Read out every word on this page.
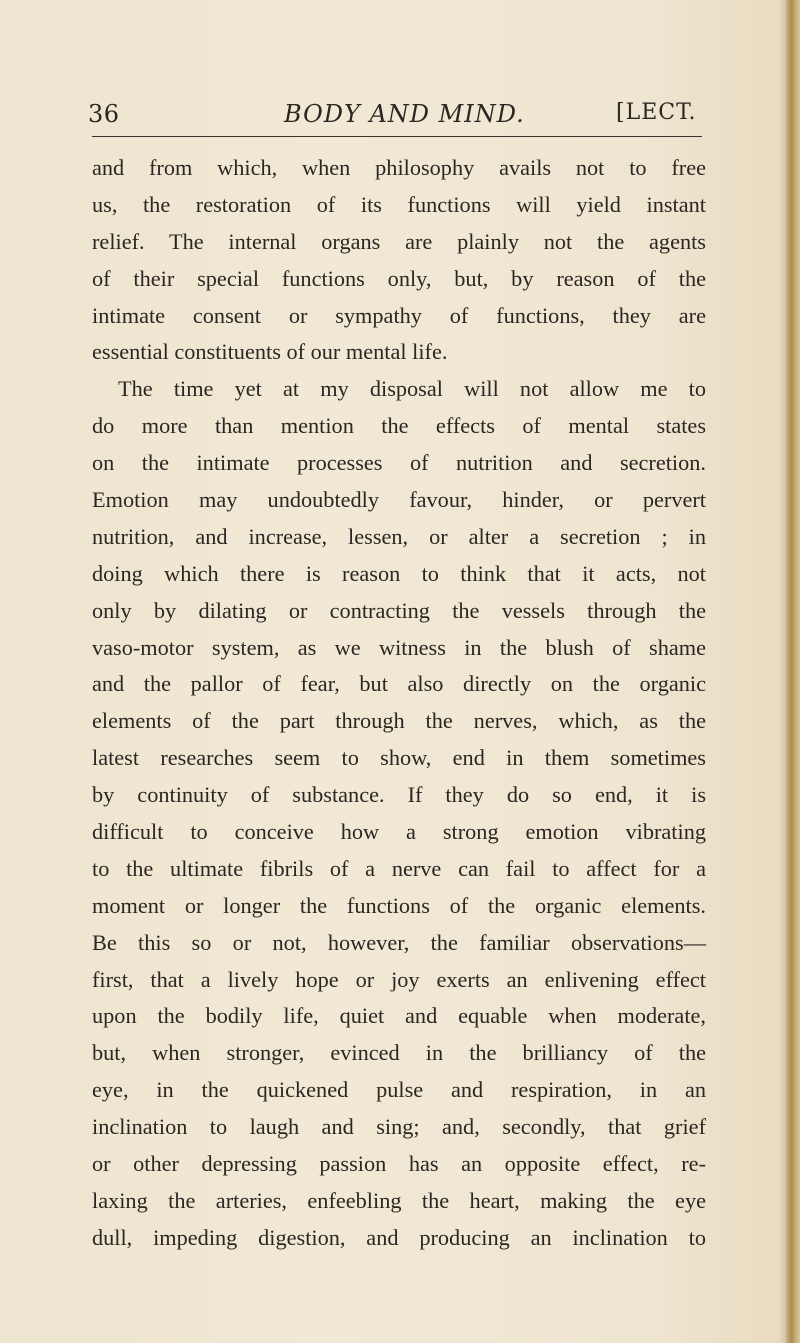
36	BODY AND MIND.	[LECT.
and from which, when philosophy avails not to free
us, the restoration of its functions will yield instant
relief. The internal organs are plainly not the agents
of their special functions only, but, by reason of the
intimate consent or sympathy of functions, they are
essential constituents of our mental life.
The time yet at my disposal will not allow me to
do more than mention the effects of mental states
on the intimate processes of nutrition and secretion.
Emotion may undoubtedly favour, hinder, or pervert
nutrition, and increase, lessen, or alter a secretion ; in
doing which there is reason to think that it acts, not
only by dilating or contracting the vessels through the
vaso-motor system, as we witness in the blush of shame
and the pallor of fear, but also directly on the organic
elements of the part through the nerves, which, as the
latest researches seem to show, end in them sometimes
by continuity of substance. If they do so end, it is
difficult to conceive how a strong emotion vibrating
to the ultimate fibrils of a nerve can fail to affect for a
moment or longer the functions of the organic elements.
Be this so or not, however, the familiar observations—
first, that a lively hope or joy exerts an enlivening effect
upon the bodily life, quiet and equable when moderate,
but, when stronger, evinced in the brilliancy of the
eye, in the quickened pulse and respiration, in an
inclination to laugh and sing; and, secondly, that grief
or other depressing passion has an opposite effect, re-
laxing the arteries, enfeebling the heart, making the eye
dull, impeding digestion, and producing an inclination to
